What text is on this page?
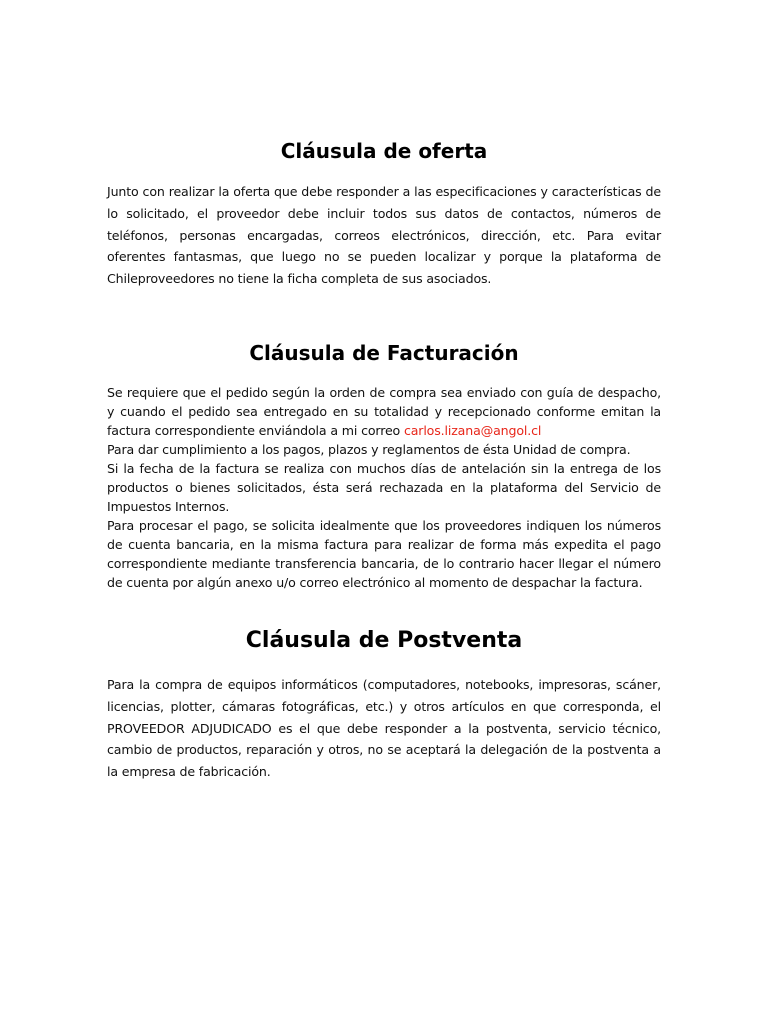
Cláusula de oferta

Junto con realizar la oferta que debe responder a las especificaciones y características de lo solicitado, el proveedor debe incluir todos sus datos de contactos, números de teléfonos, personas encargadas, correos electrónicos, dirección, etc. Para evitar oferentes fantasmas, que luego no se pueden localizar y porque la plataforma de Chileproveedores no tiene la ficha completa de sus asociados.

Cláusula de Facturación

Se requiere que el pedido según la orden de compra sea enviado con guía de despacho, y cuando el pedido sea entregado en su totalidad y recepcionado conforme emitan la factura correspondiente enviándola a mi correo carlos.lizana@angol.cl

Para dar cumplimiento a los pagos, plazos y reglamentos de ésta Unidad de compra.

Si la fecha de la factura se realiza con muchos días de antelación sin la entrega de los productos o bienes solicitados, ésta será rechazada en la plataforma del Servicio de Impuestos Internos.

Para procesar el pago, se solicita idealmente que los proveedores indiquen los números de cuenta bancaria, en la misma factura para realizar de forma más expedita el pago correspondiente mediante transferencia bancaria, de lo contrario hacer llegar el número de cuenta por algún anexo u/o correo electrónico al momento de despachar la factura.

Cláusula de Postventa

Para la compra de equipos informáticos (computadores, notebooks, impresoras, scáner, licencias, plotter, cámaras fotográficas, etc.) y otros artículos en que corresponda, el PROVEEDOR ADJUDICADO es el que debe responder a la postventa, servicio técnico, cambio de productos, reparación y otros, no se aceptará la delegación de la postventa a la empresa de fabricación.
